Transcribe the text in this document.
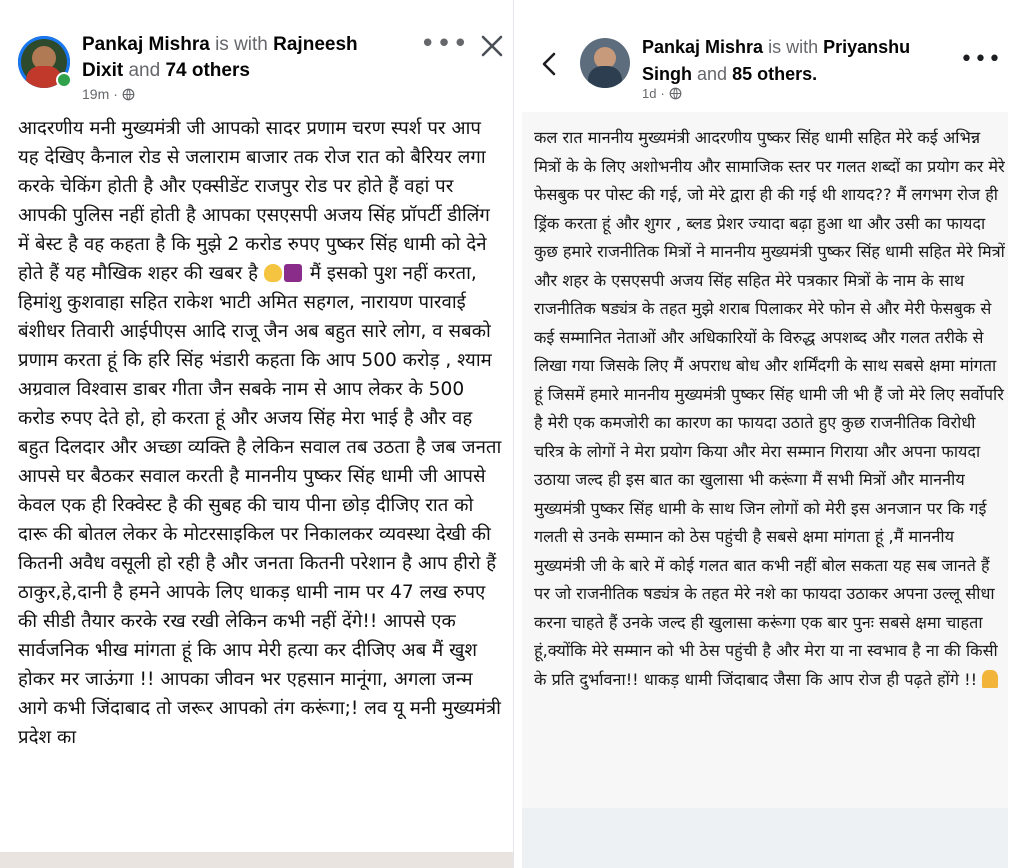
Pankaj Mishra is with Rajneesh Dixit and 74 others
19m ·
•••
आदरणीय मनी मुख्यमंत्री जी आपको सादर प्रणाम चरण स्पर्श पर आप यह देखिए कैनाल रोड से जलाराम बाजार तक रोज रात को बैरियर लगा करके चेकिंग होती है और एक्सीडेंट राजपुर रोड पर होते हैं वहां पर आपकी पुलिस नहीं होती है आपका एसएसपी अजय सिंह प्रॉपर्टी डीलिंग में बेस्ट है वह कहता है कि मुझे 2 करोड रुपए पुष्कर सिंह धामी को देने होते हैं यह मौखिक शहर की खबर है	मैं इसको पुश नहीं करता, हिमांशु कुशवाहा सहित राकेश भाटी अमित सहगल, नारायण पारवाई बंशीधर तिवारी आईपीएस आदि राजू जैन अब बहुत सारे लोग, व सबको प्रणाम करता हूं कि हरि सिंह भंडारी कहता कि आप 500 करोड़ , श्याम अग्रवाल विश्वास डाबर गीता जैन सबके नाम से आप लेकर के 500 करोड रुपए देते हो, हो करता हूं और अजय सिंह मेरा भाई है और वह बहुत दिलदार और अच्छा व्यक्ति है लेकिन सवाल तब उठता है जब जनता आपसे घर बैठकर सवाल करती है माननीय पुष्कर सिंह धामी जी आपसे केवल एक ही रिक्वेस्ट है की सुबह की चाय पीना छोड़ दीजिए रात को दारू की बोतल लेकर के मोटरसाइकिल पर निकालकर व्यवस्था देखी की कितनी अवैध वसूली हो रही है और जनता कितनी परेशान है आप हीरो हैं ठाकुर,हे,दानी है हमने आपके लिए धाकड़ धामी नाम पर 47 लख रुपए की सीडी तैयार करके रख रखी लेकिन कभी नहीं देंगे!! आपसे एक सार्वजनिक भीख मांगता हूं कि आप मेरी हत्या कर दीजिए अब मैं खुश होकर मर जाऊंगा !! आपका जीवन भर एहसान मानूंगा, अगला जन्म आगे कभी जिंदाबाद तो जरूर आपको तंग करूंगा;! लव यू मनी मुख्यमंत्री प्रदेश का
Pankaj Mishra is with Priyanshu Singh and 85 others.
1d ·
•••
कल रात माननीय मुख्यमंत्री आदरणीय पुष्कर सिंह धामी सहित मेरे कई अभिन्न मित्रों के के लिए अशोभनीय और सामाजिक स्तर पर गलत शब्दों का प्रयोग कर मेरे फेसबुक पर पोस्ट की गई, जो मेरे द्वारा ही की गई थी शायद?? मैं लगभग रोज ही ड्रिंक करता हूं और शुगर , ब्लड प्रेशर ज्यादा बढ़ा हुआ था और उसी का फायदा कुछ हमारे राजनीतिक मित्रों ने माननीय मुख्यमंत्री पुष्कर सिंह धामी सहित मेरे मित्रों और शहर के एसएसपी अजय सिंह सहित मेरे पत्रकार मित्रों के नाम के साथ राजनीतिक षड्यंत्र के तहत मुझे शराब पिलाकर मेरे फोन से और मेरी फेसबुक से कई सम्मानित नेताओं और अधिकारियों के विरुद्ध अपशब्द और गलत तरीके से लिखा गया जिसके लिए मैं अपराध बोध और शर्मिंदगी के साथ सबसे क्षमा मांगता हूं जिसमें हमारे माननीय मुख्यमंत्री पुष्कर सिंह धामी जी भी हैं जो मेरे लिए सर्वोपरि है मेरी एक कमजोरी का कारण का फायदा उठाते हुए कुछ राजनीतिक विरोधी चरित्र के लोगों ने मेरा प्रयोग किया और मेरा सम्मान गिराया और अपना फायदा उठाया जल्द ही इस बात का खुलासा भी करूंगा मैं सभी मित्रों और माननीय मुख्यमंत्री पुष्कर सिंह धामी के साथ जिन लोगों को मेरी इस अनजान पर कि गई गलती से उनके सम्मान को ठेस पहुंची है सबसे क्षमा मांगता हूं ,मैं माननीय मुख्यमंत्री जी के बारे में कोई गलत बात कभी नहीं बोल सकता यह सब जानते हैं पर जो राजनीतिक षड्यंत्र के तहत मेरे नशे का फायदा उठाकर अपना उल्लू सीधा करना चाहते हैं उनके जल्द ही खुलासा करूंगा एक बार पुनः सबसे क्षमा चाहता हूं,क्योंकि मेरे सम्मान को भी ठेस पहुंची है और मेरा या ना स्वभाव है ना की किसी के प्रति दुर्भावना!! धाकड़ धामी जिंदाबाद जैसा कि आप रोज ही पढ़ते होंगे !!
